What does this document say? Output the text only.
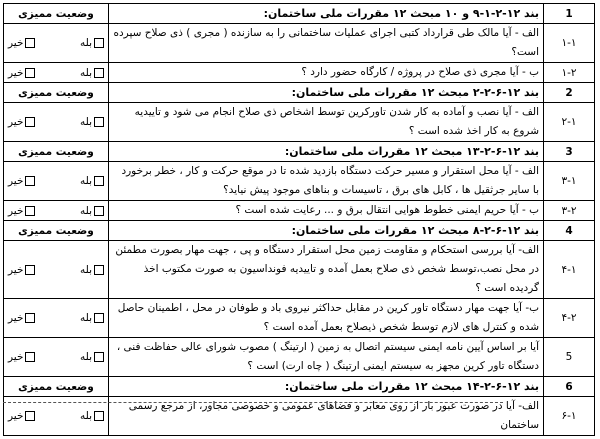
1	بند ۱۲-۲-۱-۹ و ۱۰ مبحث ۱۲ مقررات ملی ساختمان:	وضعیت ممیزی
۱-۱	الف - آیا مالک طی قرارداد کتبی اجرای عملیات ساختمانی را به سازنده ( مجری ) ذی صلاح سپرده است؟	بله
خیر

۱-۲	ب - آیا مجری ذی صلاح در پروژه / کارگاه حضور دارد ؟	بله
خیر

2	بند ۱۲-۶-۲-۲ مبحث ۱۲ مقررات ملی ساختمان:	وضعیت ممیزی
۲-۱	الف - آیا نصب و آماده به کار شدن تاورکرین توسط اشخاص ذی صلاح انجام می شود و تاییدیه شروع به کار اخذ شده است ؟	بله
خیر

3	بند ۱۲-۶-۲-۱۳ مبحث ۱۲ مقررات ملی ساختمان:	وضعیت ممیزی
۳-۱	الف - آیا محل استقرار و مسیر حرکت دستگاه بازدید شده تا در موقع حرکت و کار ، خطر برخورد با سایر جرثقیل ها ، کابل های برق ، تاسیسات و بناهای موجود پیش نیاید؟	بله
خیر

۳-۲	ب - آیا حریم ایمنی خطوط هوایی انتقال برق و ... رعایت شده است ؟	بله
خیر

4	بند ۱۲-۶-۲-۸ مبحث ۱۲ مقررات ملی ساختمان:	وضعیت ممیزی
۴-۱	الف- آیا بررسی استحکام و مقاومت زمین محل استقرار دستگاه و پی ، جهت مهار بصورت مطمئن در محل نصب،توسط شخص ذی صلاح بعمل آمده و تاییدیه فونداسیون به صورت مکتوب اخذ گردیده است ؟	بله
خیر

۴-۲	ب- آیا جهت مهار دستگاه تاور کرین در مقابل حداکثر نیروی باد و طوفان در محل ، اطمینان حاصل شده و کنترل های لازم توسط شخص ذیصلاح بعمل آمده است ؟	بله
خیر

5	آیا بر اساس آیین نامه ایمنی سیستم اتصال به زمین ( ارتینگ ) مصوب شورای عالی حفاظت فنی ، دستگاه تاور کرین مجهز به سیستم ایمنی ارتینگ ( چاه ارت) است ؟	بله
خیر

6	بند ۱۲-۶-۲-۱۴ مبحث ۱۲ مقررات ملی ساختمان:	وضعیت ممیزی
۶-۱	الف- آیا در صورت عبور بار از روی معابر و فضاهای عمومی و خصوصی مجاور، از مرجع رسمی ساختمان	بله
خیر
